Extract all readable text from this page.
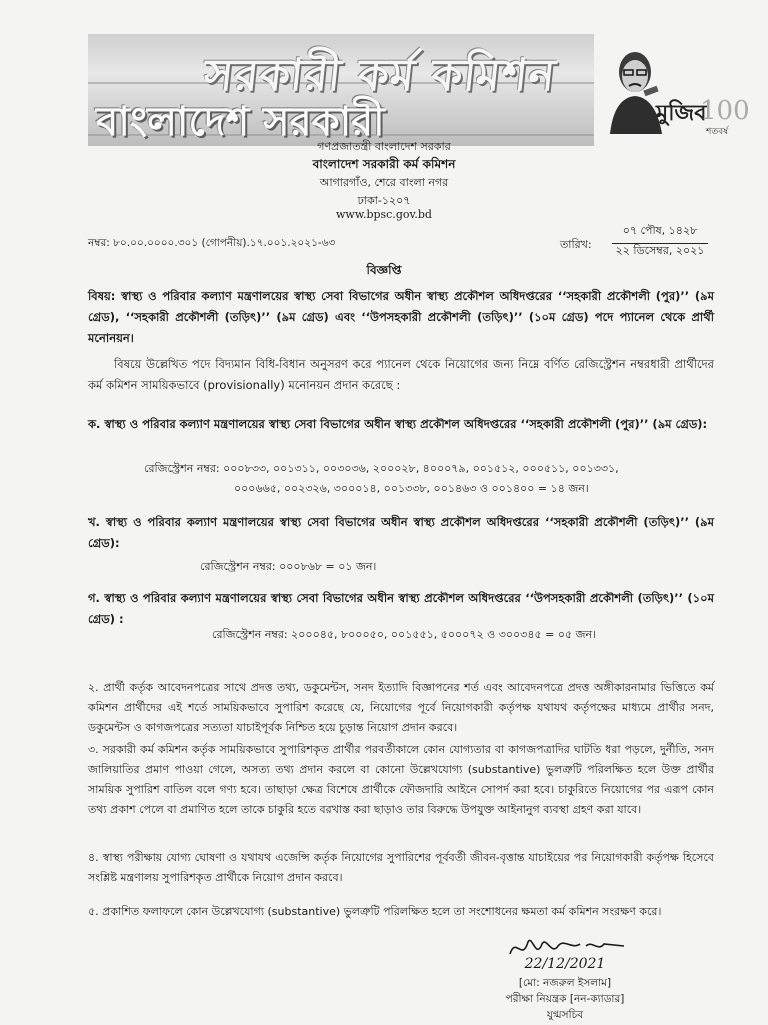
সরকারী কর্ম কমিশন
বাংলাদেশ সরকারী	মুজিব
100
শতবর্ষ
গণপ্রজাতন্ত্রী বাংলাদেশ সরকার
বাংলাদেশ সরকারী কর্ম কমিশন
আগারগাঁও, শেরে বাংলা নগর
ঢাকা-১২০৭
www.bpsc.gov.bd
নম্বর: ৮০.০০.০০০০.৩০১ (গোপনীয়).১৭.০০১.২০২১-৬৩	তারিখ:
০৭ পৌষ, ১৪২৮
২২ ডিসেম্বর, ২০২১
বিজ্ঞপ্তি
বিষয়: স্বাস্থ্য ও পরিবার কল্যাণ মন্ত্রণালয়ের স্বাস্থ্য সেবা বিভাগের অধীন স্বাস্থ্য প্রকৌশল অধিদপ্তরের ‘‘সহকারী প্রকৌশলী (পুর)’’ (৯ম গ্রেড), ‘‘সহকারী প্রকৌশলী (তড়িৎ)’’ (৯ম গ্রেড) এবং ‘‘উপসহকারী প্রকৌশলী (তড়িৎ)’’ (১০ম গ্রেড) পদে প্যানেল থেকে প্রার্থী মনোনয়ন।
বিষয়ে উল্লেখিত পদে বিদ্যমান বিধি-বিধান অনুসরণ করে প্যানেল থেকে নিয়োগের জন্য নিম্নে বর্ণিত রেজিস্ট্রেশন নম্বরধারী প্রার্থীদের কর্ম কমিশন সাময়িকভাবে (provisionally) মনোনয়ন প্রদান করেছে :
ক. স্বাস্থ্য ও পরিবার কল্যাণ মন্ত্রণালয়ের স্বাস্থ্য সেবা বিভাগের অধীন স্বাস্থ্য প্রকৌশল অধিদপ্তরের ‘‘সহকারী প্রকৌশলী (পুর)’’ (৯ম গ্রেড):
রেজিস্ট্রেশন নম্বর: ০০০৮৩৩, ০০১৩১১, ০০৩০৩৬, ২০০০২৮, ৪০০০৭৯, ০০১৫১২, ০০০৫১১, ০০১৩৩১,
০০০৬৬৫, ০০২৩২৬, ৩০০০১৪, ০০১৩৩৮, ০০১৪৬৩ ও ০০১৪০০ = ১৪ জন।
খ. স্বাস্থ্য ও পরিবার কল্যাণ মন্ত্রণালয়ের স্বাস্থ্য সেবা বিভাগের অধীন স্বাস্থ্য প্রকৌশল অধিদপ্তরের ‘‘সহকারী প্রকৌশলী (তড়িৎ)’’ (৯ম গ্রেড):
রেজিস্ট্রেশন নম্বর: ০০০৮৬৮ = ০১ জন।
গ. স্বাস্থ্য ও পরিবার কল্যাণ মন্ত্রণালয়ের স্বাস্থ্য সেবা বিভাগের অধীন স্বাস্থ্য প্রকৌশল অধিদপ্তরের ‘‘উপসহকারী প্রকৌশলী (তড়িৎ)’’ (১০ম গ্রেড) :
রেজিস্ট্রেশন নম্বর: ২০০০৪৫, ৮০০০৫০, ০০১৫৫১, ৫০০০৭২ ও ৩০০৩৪৫ = ০৫ জন।
২. প্রার্থী কর্তৃক আবেদনপত্রের সাথে প্রদত্ত তথ্য, ডকুমেন্টস, সনদ ইত্যাদি বিজ্ঞাপনের শর্ত এবং আবেদনপত্রে প্রদত্ত অঙ্গীকারনামার ভিত্তিতে কর্ম কমিশন প্রার্থীদের এই শর্তে সাময়িকভাবে সুপারিশ করেছে যে, নিয়োগের পূর্বে নিয়োগকারী কর্তৃপক্ষ যথাযথ কর্তৃপক্ষের মাধ্যমে প্রার্থীর সনদ, ডকুমেন্টস ও কাগজপত্রের সত্যতা যাচাইপূর্বক নিশ্চিত হয়ে চূড়ান্ত নিয়োগ প্রদান করবে।
৩. সরকারী কর্ম কমিশন কর্তৃক সাময়িকভাবে সুপারিশকৃত প্রার্থীর পরবর্তীকালে কোন যোগ্যতার বা কাগজপত্রাদির ঘাটতি ধরা পড়লে, দুর্নীতি, সনদ জালিয়াতির প্রমাণ পাওয়া গেলে, অসত্য তথ্য প্রদান করলে বা কোনো উল্লেখযোগ্য (substantive) ভুলত্রুটি পরিলক্ষিত হলে উক্ত প্রার্থীর সাময়িক সুপারিশ বাতিল বলে গণ্য হবে। তাছাড়া ক্ষেত্র বিশেষে প্রার্থীকে ফৌজদারি আইনে সোপর্দ করা হবে। চাকুরিতে নিয়োগের পর এরূপ কোন তথ্য প্রকাশ পেলে বা প্রমাণিত হলে তাকে চাকুরি হতে বরখাস্ত করা ছাড়াও তার বিরুদ্ধে উপযুক্ত আইনানুগ ব্যবস্থা গ্রহণ করা যাবে।
৪. স্বাস্থ্য পরীক্ষায় যোগ্য ঘোষণা ও যথাযথ এজেন্সি কর্তৃক নিয়োগের সুপারিশের পূর্ববর্তী জীবন-বৃত্তান্ত যাচাইয়ের পর নিয়োগকারী কর্তৃপক্ষ হিসেবে সংশ্লিষ্ট মন্ত্রণালয় সুপারিশকৃত প্রার্থীকে নিয়োগ প্রদান করবে।
৫. প্রকাশিত ফলাফলে কোন উল্লেখযোগ্য (substantive) ভুলত্রুটি পরিলক্ষিত হলে তা সংশোধনের ক্ষমতা কর্ম কমিশন সংরক্ষণ করে।
22/12/2021
[মো: নজরুল ইসলাম]
পরীক্ষা নিয়ন্ত্রক [নন-ক্যাডার]
যুগ্মসচিব
